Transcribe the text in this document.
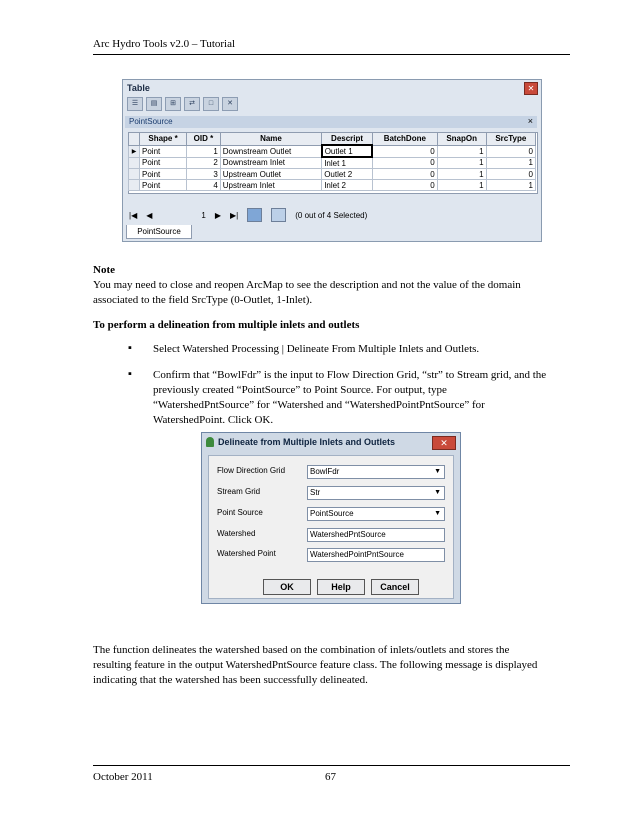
Arc Hydro Tools v2.0 – Tutorial
Table	✕
☰	▤	⊞	⇄	□	✕
PointSource	×
	Shape *	OID *	Name	Descript	BatchDone	SnapOn	SrcType
▶	Point	1	Downstream Outlet	Outlet 1	0	1	0
	Point	2	Downstream Inlet	Inlet 1	0	1	1
	Point	3	Upstream Outlet	Outlet 2	0	1	0
	Point	4	Upstream Inlet	Inlet 2	0	1	1
|◀ ◀	1 ▶ ▶|	(0 out of 4 Selected)
PointSource
Note
You may need to close and reopen ArcMap to see the description and not the value of the domain
associated to the field SrcType (0-Outlet, 1-Inlet).
To perform a delineation from multiple inlets and outlets
▪ Select Watershed Processing | Delineate From Multiple Inlets and Outlets.
▪ Confirm that “BowlFdr” is the input to Flow Direction Grid, “str” to Stream grid, and the
previously created “PointSource” to Point Source. For output, type
“WatershedPntSource” for “Watershed and “WatershedPointPntSource” for
WatershedPoint. Click OK.
Delineate from Multiple Inlets and Outlets	✕
Flow Direction Grid	BowlFdr	▼
Stream Grid	Str	▼
Point Source	PointSource	▼
Watershed	WatershedPntSource
Watershed Point	WatershedPointPntSource
OK	Help	Cancel
The function delineates the watershed based on the combination of inlets/outlets and stores the
resulting feature in the output WatershedPntSource feature class. The following message is displayed
indicating that the watershed has been successfully delineated.
October 2011	67
